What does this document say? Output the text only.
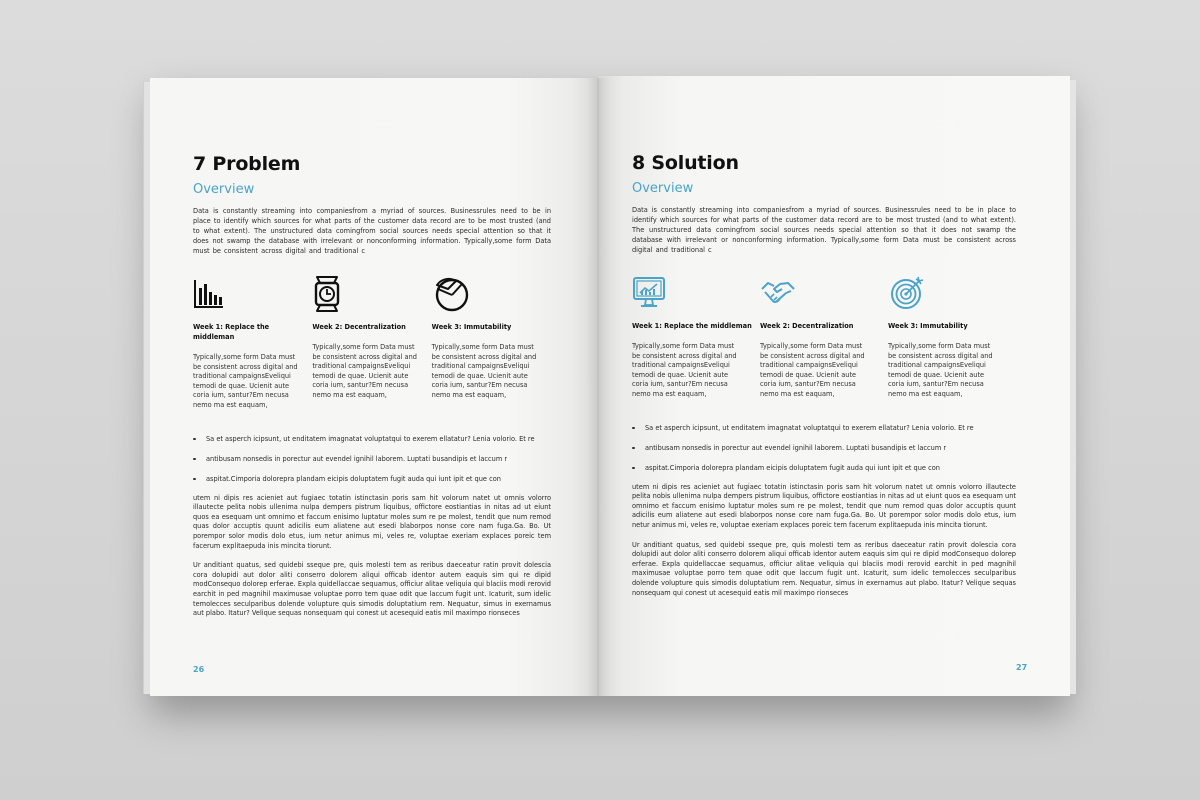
7 Problem
Overview
Data is constantly streaming into companiesfrom a myriad of sources. Businessrules need to be in place to identify which sources for what parts of the customer data record are to be most trusted (and to what extent). The unstructured data comingfrom social sources needs special attention so that it does not swamp the database with irrelevant or nonconforming information. Typically,some form Data must be consistent across digital and traditional c
Week 1: Replace the middleman
Typically,some form Data must be consistent across digital and traditional campaignsEveliqui temodi de quae. Ucienit aute coria ium, santur?Em necusa nemo ma est eaquam,
Week 2: Decentralization
Typically,some form Data must be consistent across digital and traditional campaignsEveliqui temodi de quae. Ucienit aute coria ium, santur?Em necusa nemo ma est eaquam,
Week 3: Immutability
Typically,some form Data must be consistent across digital and traditional campaignsEveliqui temodi de quae. Ucienit aute coria ium, santur?Em necusa nemo ma est eaquam,
Sa et asperch icipsunt, ut enditatem imagnatat voluptatqui to exerem ellatatur? Lenia volorio. Et re
antibusam nonsedis in porectur aut evendel ignihil laborem. Luptati busandipis et laccum r
aspitat.Cimporia dolorepra plandam eicipis doluptatem fugit auda qui iunt ipit et que con
utem ni dipis res acieniet aut fugiaec totatin istinctasin poris sam hit volorum natet ut omnis volorro illautecte pelita nobis ullenima nulpa dempers pistrum liquibus, offictore eostiantias in nitas ad ut eiunt quos ea esequam unt omnimo et faccum enisimo luptatur moles sum re pe molest, tendit que num remod quas dolor accuptis quunt adicilis eum aliatene aut esedi blaborpos nonse core nam fuga.Ga. Bo. Ut porempor solor modis dolo etus, ium netur animus mi, veles re, voluptae exeriam explaces poreic tem facerum explitaepuda inis mincita tiorunt.
Ur anditiant quatus, sed quidebi sseque pre, quis molesti tem as reribus daeceatur ratin provit dolescia cora dolupidi aut dolor aliti conserro dolorem aliqui officab identor autem eaquis sim qui re dipid modConsequo dolorep erferae. Expla quidellaccae sequamus, officiur alitae veliquia qui blaciis modi rerovid earchit in ped magnihil maximusae voluptae porro tem quae odit que laccum fugit unt. Icaturit, sum idelic temolecces seculparibus dolende volupture quis simodis doluptatium rem. Nequatur, simus in exernamus aut plabo. Itatur? Velique sequas nonsequam qui conest ut acesequid eatis mil maximpo rionseces
26
8 Solution
Overview
Data is constantly streaming into companiesfrom a myriad of sources. Businessrules need to be in place to identify which sources for what parts of the customer data record are to be most trusted (and to what extent). The unstructured data comingfrom social sources needs special attention so that it does not swamp the database with irrelevant or nonconforming information. Typically,some form Data must be consistent across digital and traditional c
Week 1: Replace the middleman
Typically,some form Data must be consistent across digital and traditional campaignsEveliqui temodi de quae. Ucienit aute coria ium, santur?Em necusa nemo ma est eaquam,
Week 2: Decentralization
Typically,some form Data must be consistent across digital and traditional campaignsEveliqui temodi de quae. Ucienit aute coria ium, santur?Em necusa nemo ma est eaquam,
Week 3: Immutability
Typically,some form Data must be consistent across digital and traditional campaignsEveliqui temodi de quae. Ucienit aute coria ium, santur?Em necusa nemo ma est eaquam,
Sa et asperch icipsunt, ut enditatem imagnatat voluptatqui to exerem ellatatur? Lenia volorio. Et re
antibusam nonsedis in porectur aut evendel ignihil laborem. Luptati busandipis et laccum r
aspitat.Cimporia dolorepra plandam eicipis doluptatem fugit auda qui iunt ipit et que con
utem ni dipis res acieniet aut fugiaec totatin istinctasin poris sam hit volorum natet ut omnis volorro illautecte pelita nobis ullenima nulpa dempers pistrum liquibus, offictore eostiantias in nitas ad ut eiunt quos ea esequam unt omnimo et faccum enisimo luptatur moles sum re pe molest, tendit que num remod quas dolor accuptis quunt adicilis eum aliatene aut esedi blaborpos nonse core nam fuga.Ga. Bo. Ut porempor solor modis dolo etus, ium netur animus mi, veles re, voluptae exeriam explaces poreic tem facerum explitaepuda inis mincita tiorunt.
Ur anditiant quatus, sed quidebi sseque pre, quis molesti tem as reribus daeceatur ratin provit dolescia cora dolupidi aut dolor aliti conserro dolorem aliqui officab identor autem eaquis sim qui re dipid modConsequo dolorep erferae. Expla quidellaccae sequamus, officiur alitae veliquia qui blaciis modi rerovid earchit in ped magnihil maximusae voluptae porro tem quae odit que laccum fugit unt. Icaturit, sum idelic temolecces seculparibus dolende volupture quis simodis doluptatium rem. Nequatur, simus in exernamus aut plabo. Itatur? Velique sequas nonsequam qui conest ut acesequid eatis mil maximpo rionseces
27
